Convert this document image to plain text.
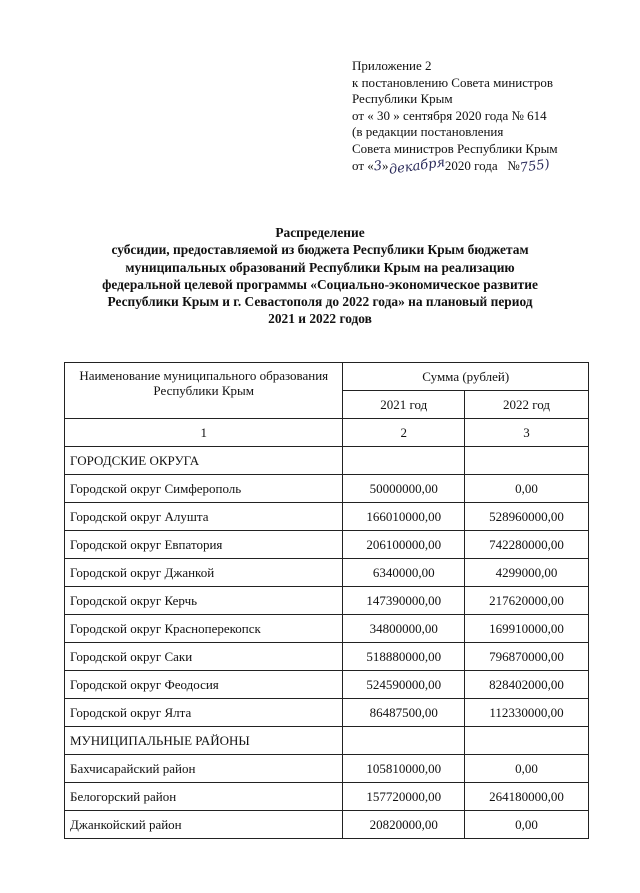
Приложение 2
к постановлению Совета министров
Республики Крым
от « 30 » сентября 2020 года № 614
(в редакции постановления
Совета министров Республики Крым
от «3»декабря2020 года №755)
Распределение
субсидии, предоставляемой из бюджета Республики Крым бюджетам
муниципальных образований Республики Крым на реализацию
федеральной целевой программы «Социально-экономическое развитие
Республики Крым и г. Севастополя до 2022 года» на плановый период
2021 и 2022 годов
Наименование муниципального образования Республики Крым	Сумма (рублей)	
	2021 год	2022 год
1	2	3
ГОРОДСКИЕ ОКРУГА		
Городской округ Симферополь	50000000,00	0,00
Городской округ Алушта	166010000,00	528960000,00
Городской округ Евпатория	206100000,00	742280000,00
Городской округ Джанкой	6340000,00	4299000,00
Городской округ Керчь	147390000,00	217620000,00
Городской округ Красноперекопск	34800000,00	169910000,00
Городской округ Саки	518880000,00	796870000,00
Городской округ Феодосия	524590000,00	828402000,00
Городской округ Ялта	86487500,00	112330000,00
МУНИЦИПАЛЬНЫЕ РАЙОНЫ		
Бахчисарайский район	105810000,00	0,00
Белогорский район	157720000,00	264180000,00
Джанкойский район	20820000,00	0,00
